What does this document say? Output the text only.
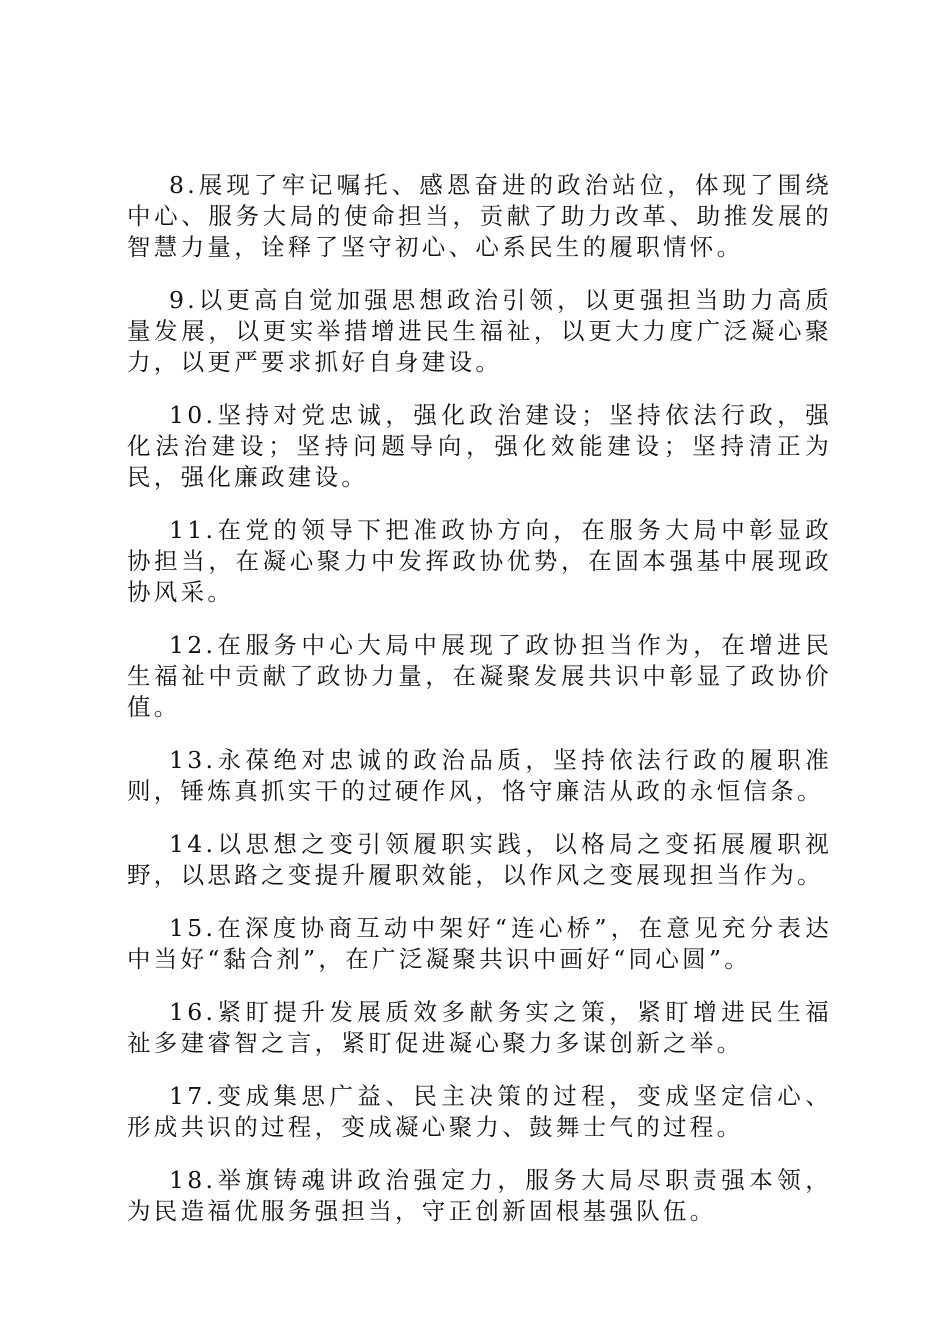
8.展现了牢记嘱托、感恩奋进的政治站位，体现了围绕中心、服务大局的使命担当，贡献了助力改革、助推发展的智慧力量，诠释了坚守初心、心系民生的履职情怀。

9.以更高自觉加强思想政治引领，以更强担当助力高质量发展，以更实举措增进民生福祉，以更大力度广泛凝心聚力，以更严要求抓好自身建设。

10.坚持对党忠诚，强化政治建设；坚持依法行政，强化法治建设；坚持问题导向，强化效能建设；坚持清正为民，强化廉政建设。

11.在党的领导下把准政协方向，在服务大局中彰显政协担当，在凝心聚力中发挥政协优势，在固本强基中展现政协风采。

12.在服务中心大局中展现了政协担当作为，在增进民生福祉中贡献了政协力量，在凝聚发展共识中彰显了政协价值。

13.永葆绝对忠诚的政治品质，坚持依法行政的履职准则，锤炼真抓实干的过硬作风，恪守廉洁从政的永恒信条。

14.以思想之变引领履职实践，以格局之变拓展履职视野，以思路之变提升履职效能，以作风之变展现担当作为。

15.在深度协商互动中架好“连心桥”，在意见充分表达中当好“黏合剂”，在广泛凝聚共识中画好“同心圆”。

16.紧盯提升发展质效多献务实之策，紧盯增进民生福祉多建睿智之言，紧盯促进凝心聚力多谋创新之举。

17.变成集思广益、民主决策的过程，变成坚定信心、形成共识的过程，变成凝心聚力、鼓舞士气的过程。

18.举旗铸魂讲政治强定力，服务大局尽职责强本领，为民造福优服务强担当，守正创新固根基强队伍。
